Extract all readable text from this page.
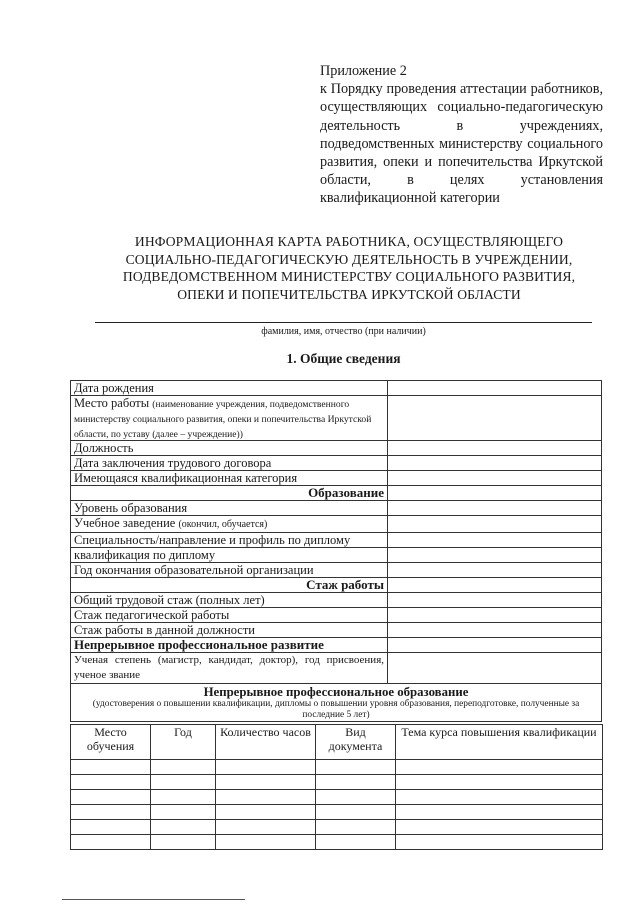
Приложение 2
к Порядку проведения аттестации работников, осуществляющих социально-педагогическую деятельность в учреждениях, подведомственных министерству социального развития, опеки и попечительства Иркутской области, в целях установления квалификационной категории
ИНФОРМАЦИОННАЯ КАРТА РАБОТНИКА, ОСУЩЕСТВЛЯЮЩЕГО
СОЦИАЛЬНО-ПЕДАГОГИЧЕСКУЮ ДЕЯТЕЛЬНОСТЬ В УЧРЕЖДЕНИИ,
ПОДВЕДОМСТВЕННОМ МИНИСТЕРСТВУ СОЦИАЛЬНОГО РАЗВИТИЯ,
ОПЕКИ И ПОПЕЧИТЕЛЬСТВА ИРКУТСКОЙ ОБЛАСТИ
фамилия, имя, отчество (при наличии)
1. Общие сведения
Дата рождения	
Место работы (наименование учреждения, подведомственного министерству социального развития, опеки и попечительства Иркутской области, по уставу (далее – учреждение))	
Должность	
Дата заключения трудового договора	
Имеющаяся квалификационная категория	
Образование	
Уровень образования	
Учебное заведение (окончил, обучается)	
Специальность/направление и профиль по диплому	
квалификация по диплому	
Год окончания образовательной организации	
Стаж работы	
Общий трудовой стаж (полных лет)	
Стаж педагогической работы	
Стаж работы в данной должности	
Непрерывное профессиональное развитие	
Ученая степень (магистр, кандидат, доктор), год присвоения, ученое звание	
Непрерывное профессиональное образование
(удостоверения о повышении квалификации, дипломы о повышении уровня образования, переподготовке, полученные за последние 5 лет)	
Место обучения	Год	Количество часов	Вид документа	Тема курса повышения квалификации
